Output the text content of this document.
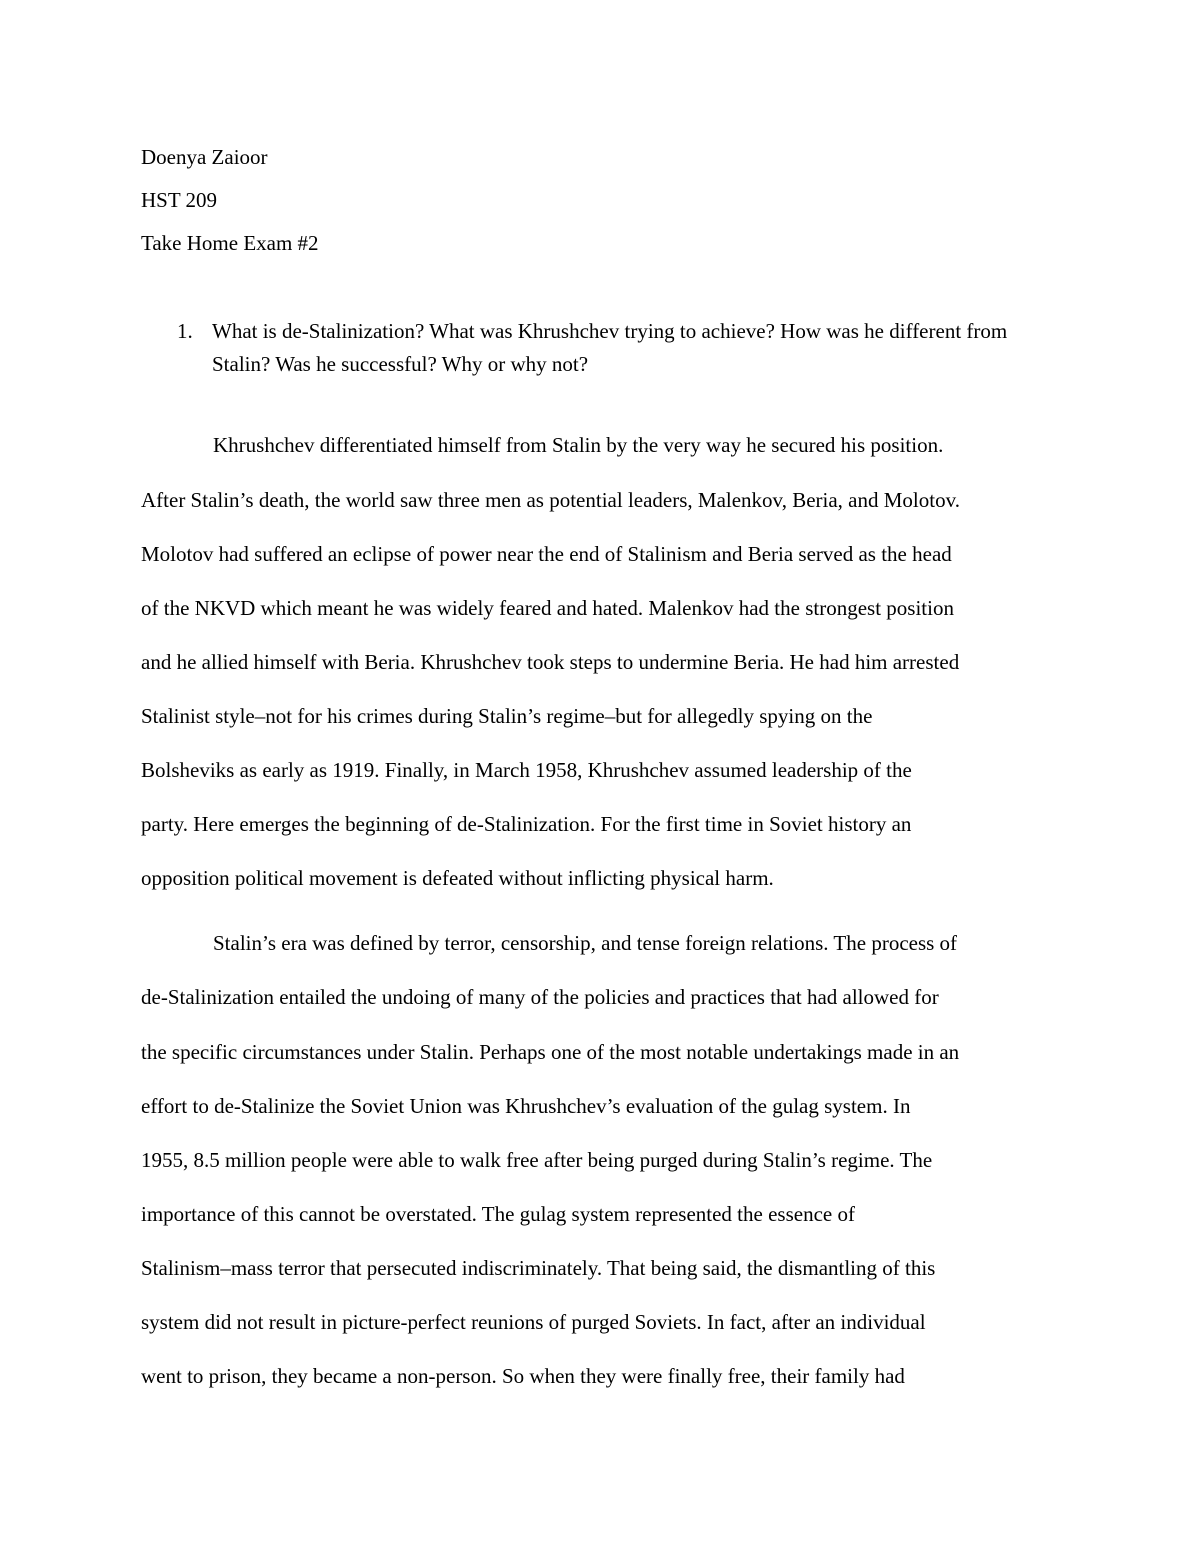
Doenya Zaioor
HST 209
Take Home Exam #2
1. What is de-Stalinization? What was Khrushchev trying to achieve? How was he different from Stalin? Was he successful? Why or why not?
Khrushchev differentiated himself from Stalin by the very way he secured his position.
After Stalin’s death, the world saw three men as potential leaders, Malenkov, Beria, and Molotov.
Molotov had suffered an eclipse of power near the end of Stalinism and Beria served as the head
of the NKVD which meant he was widely feared and hated. Malenkov had the strongest position
and he allied himself with Beria. Khrushchev took steps to undermine Beria. He had him arrested
Stalinist style–not for his crimes during Stalin’s regime–but for allegedly spying on the
Bolsheviks as early as 1919. Finally, in March 1958, Khrushchev assumed leadership of the
party. Here emerges the beginning of de-Stalinization. For the first time in Soviet history an
opposition political movement is defeated without inflicting physical harm.
Stalin’s era was defined by terror, censorship, and tense foreign relations. The process of
de-Stalinization entailed the undoing of many of the policies and practices that had allowed for
the specific circumstances under Stalin. Perhaps one of the most notable undertakings made in an
effort to de-Stalinize the Soviet Union was Khrushchev’s evaluation of the gulag system. In
1955, 8.5 million people were able to walk free after being purged during Stalin’s regime. The
importance of this cannot be overstated. The gulag system represented the essence of
Stalinism–mass terror that persecuted indiscriminately. That being said, the dismantling of this
system did not result in picture-perfect reunions of purged Soviets. In fact, after an individual
went to prison, they became a non-person. So when they were finally free, their family had
